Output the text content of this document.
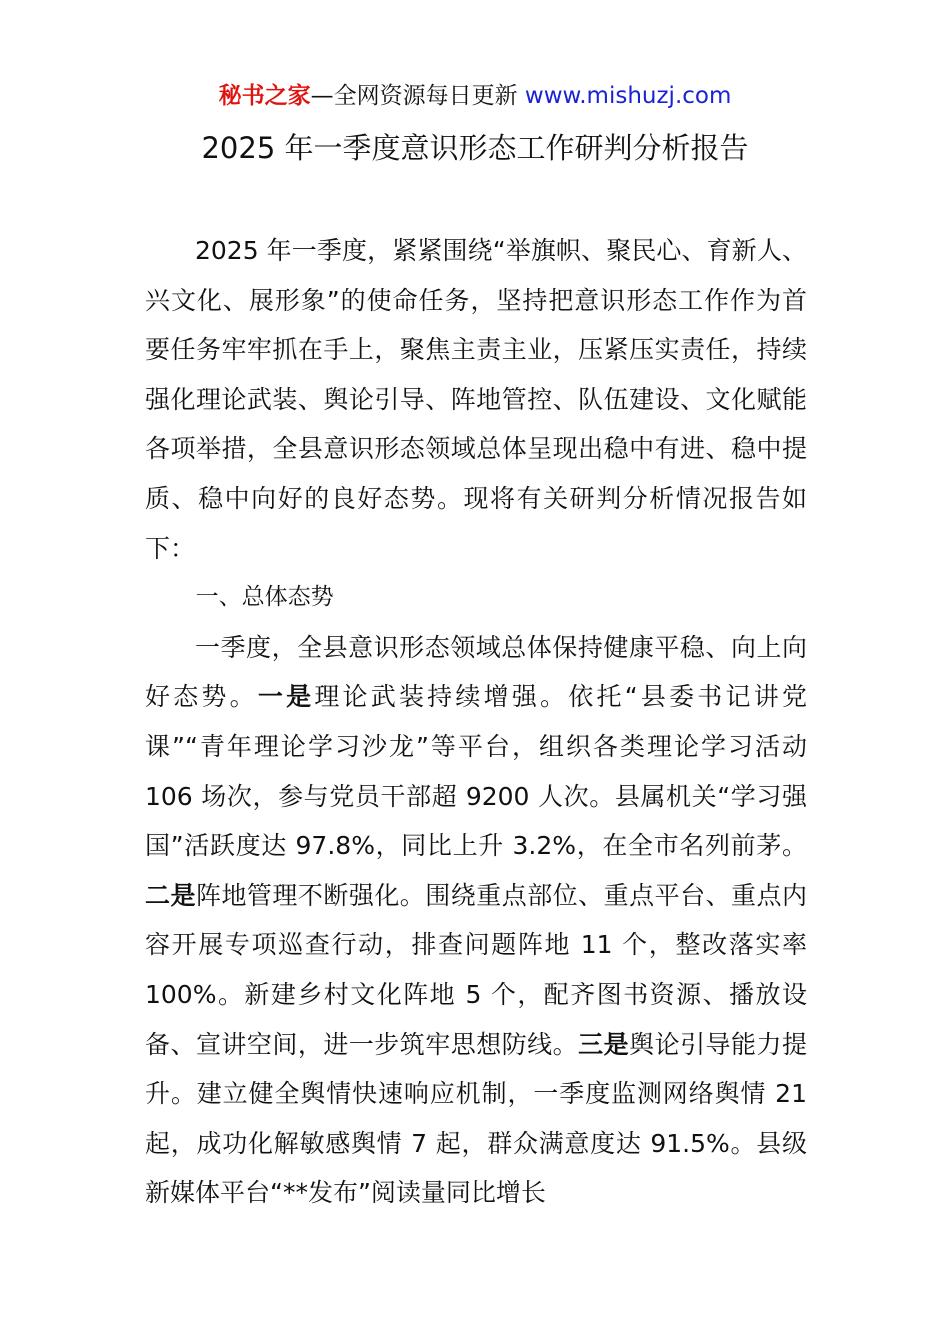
秘书之家—全网资源每日更新 www.mishuzj.com
2025 年一季度意识形态工作研判分析报告

2025 年一季度，紧紧围绕“举旗帜、聚民心、育新人、兴文化、展形象”的使命任务，坚持把意识形态工作作为首要任务牢牢抓在手上，聚焦主责主业，压紧压实责任，持续强化理论武装、舆论引导、阵地管控、队伍建设、文化赋能各项举措，全县意识形态领域总体呈现出稳中有进、稳中提质、稳中向好的良好态势。现将有关研判分析情况报告如下：

一、总体态势

一季度，全县意识形态领域总体保持健康平稳、向上向好态势。一是理论武装持续增强。依托“县委书记讲党课”“青年理论学习沙龙”等平台，组织各类理论学习活动 106 场次，参与党员干部超 9200 人次。县属机关“学习强国”活跃度达 97.8%，同比上升 3.2%，在全市名列前茅。二是阵地管理不断强化。围绕重点部位、重点平台、重点内容开展专项巡查行动，排查问题阵地 11 个，整改落实率 100%。新建乡村文化阵地 5 个，配齐图书资源、播放设备、宣讲空间，进一步筑牢思想防线。三是舆论引导能力提升。建立健全舆情快速响应机制，一季度监测网络舆情 21 起，成功化解敏感舆情 7 起，群众满意度达 91.5%。县级新媒体平台“**发布”阅读量同比增长
